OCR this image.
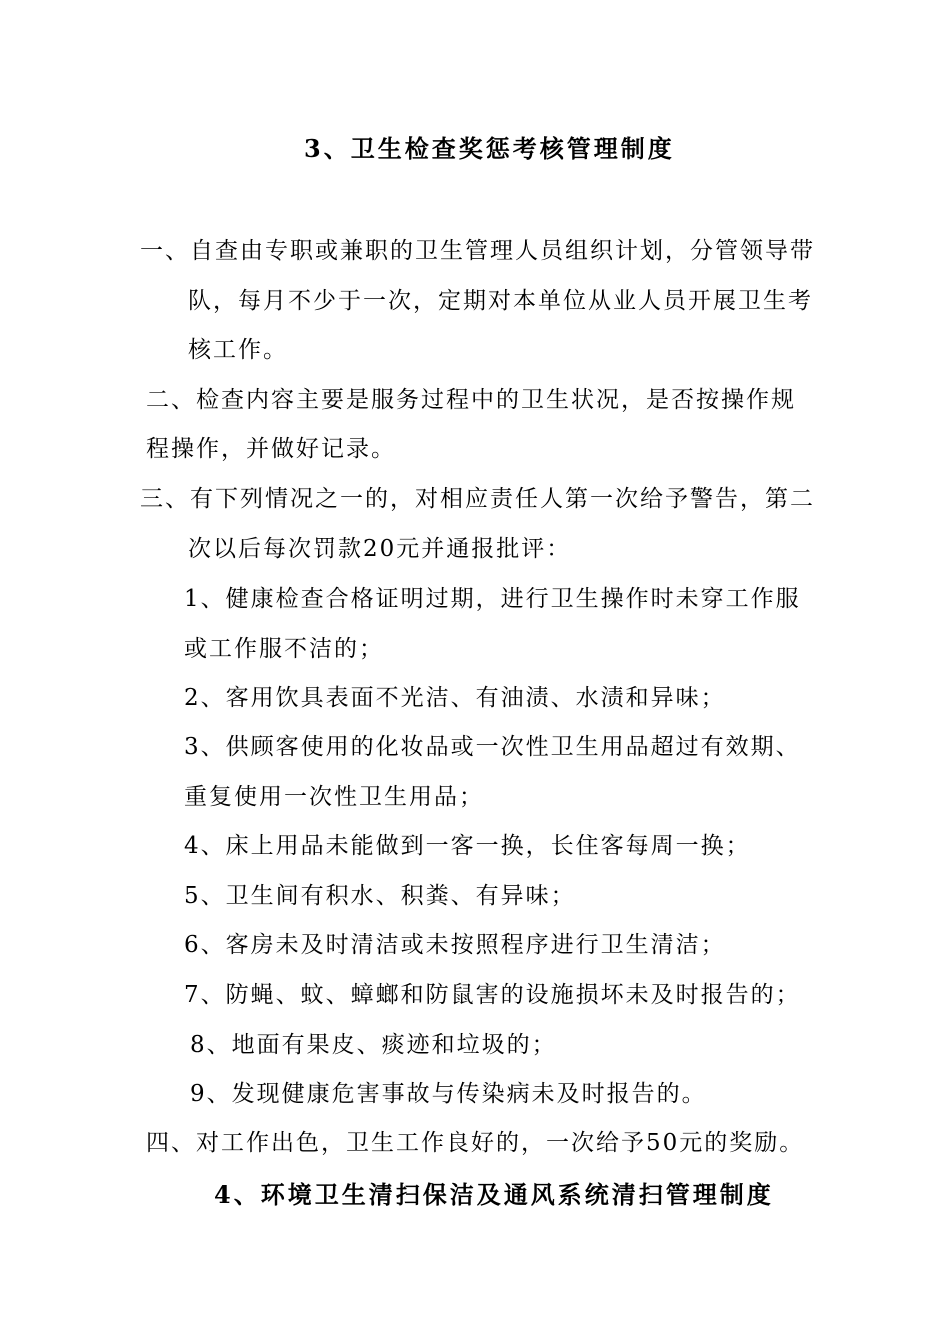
3、卫生检查奖惩考核管理制度
一、自查由专职或兼职的卫生管理人员组织计划，分管领导带
队，每月不少于一次，定期对本单位从业人员开展卫生考
核工作。
二、检查内容主要是服务过程中的卫生状况，是否按操作规
程操作，并做好记录。
三、有下列情况之一的，对相应责任人第一次给予警告，第二
次以后每次罚款20元并通报批评：
1、健康检查合格证明过期，进行卫生操作时未穿工作服
或工作服不洁的；
2、客用饮具表面不光洁、有油渍、水渍和异味；
3、供顾客使用的化妆品或一次性卫生用品超过有效期、
重复使用一次性卫生用品；
4、床上用品未能做到一客一换，长住客每周一换；
5、卫生间有积水、积粪、有异味；
6、客房未及时清洁或未按照程序进行卫生清洁；
7、防蝇、蚊、蟑螂和防鼠害的设施损坏未及时报告的；
8、地面有果皮、痰迹和垃圾的；
9、发现健康危害事故与传染病未及时报告的。
四、对工作出色，卫生工作良好的，一次给予50元的奖励。
4、环境卫生清扫保洁及通风系统清扫管理制度
